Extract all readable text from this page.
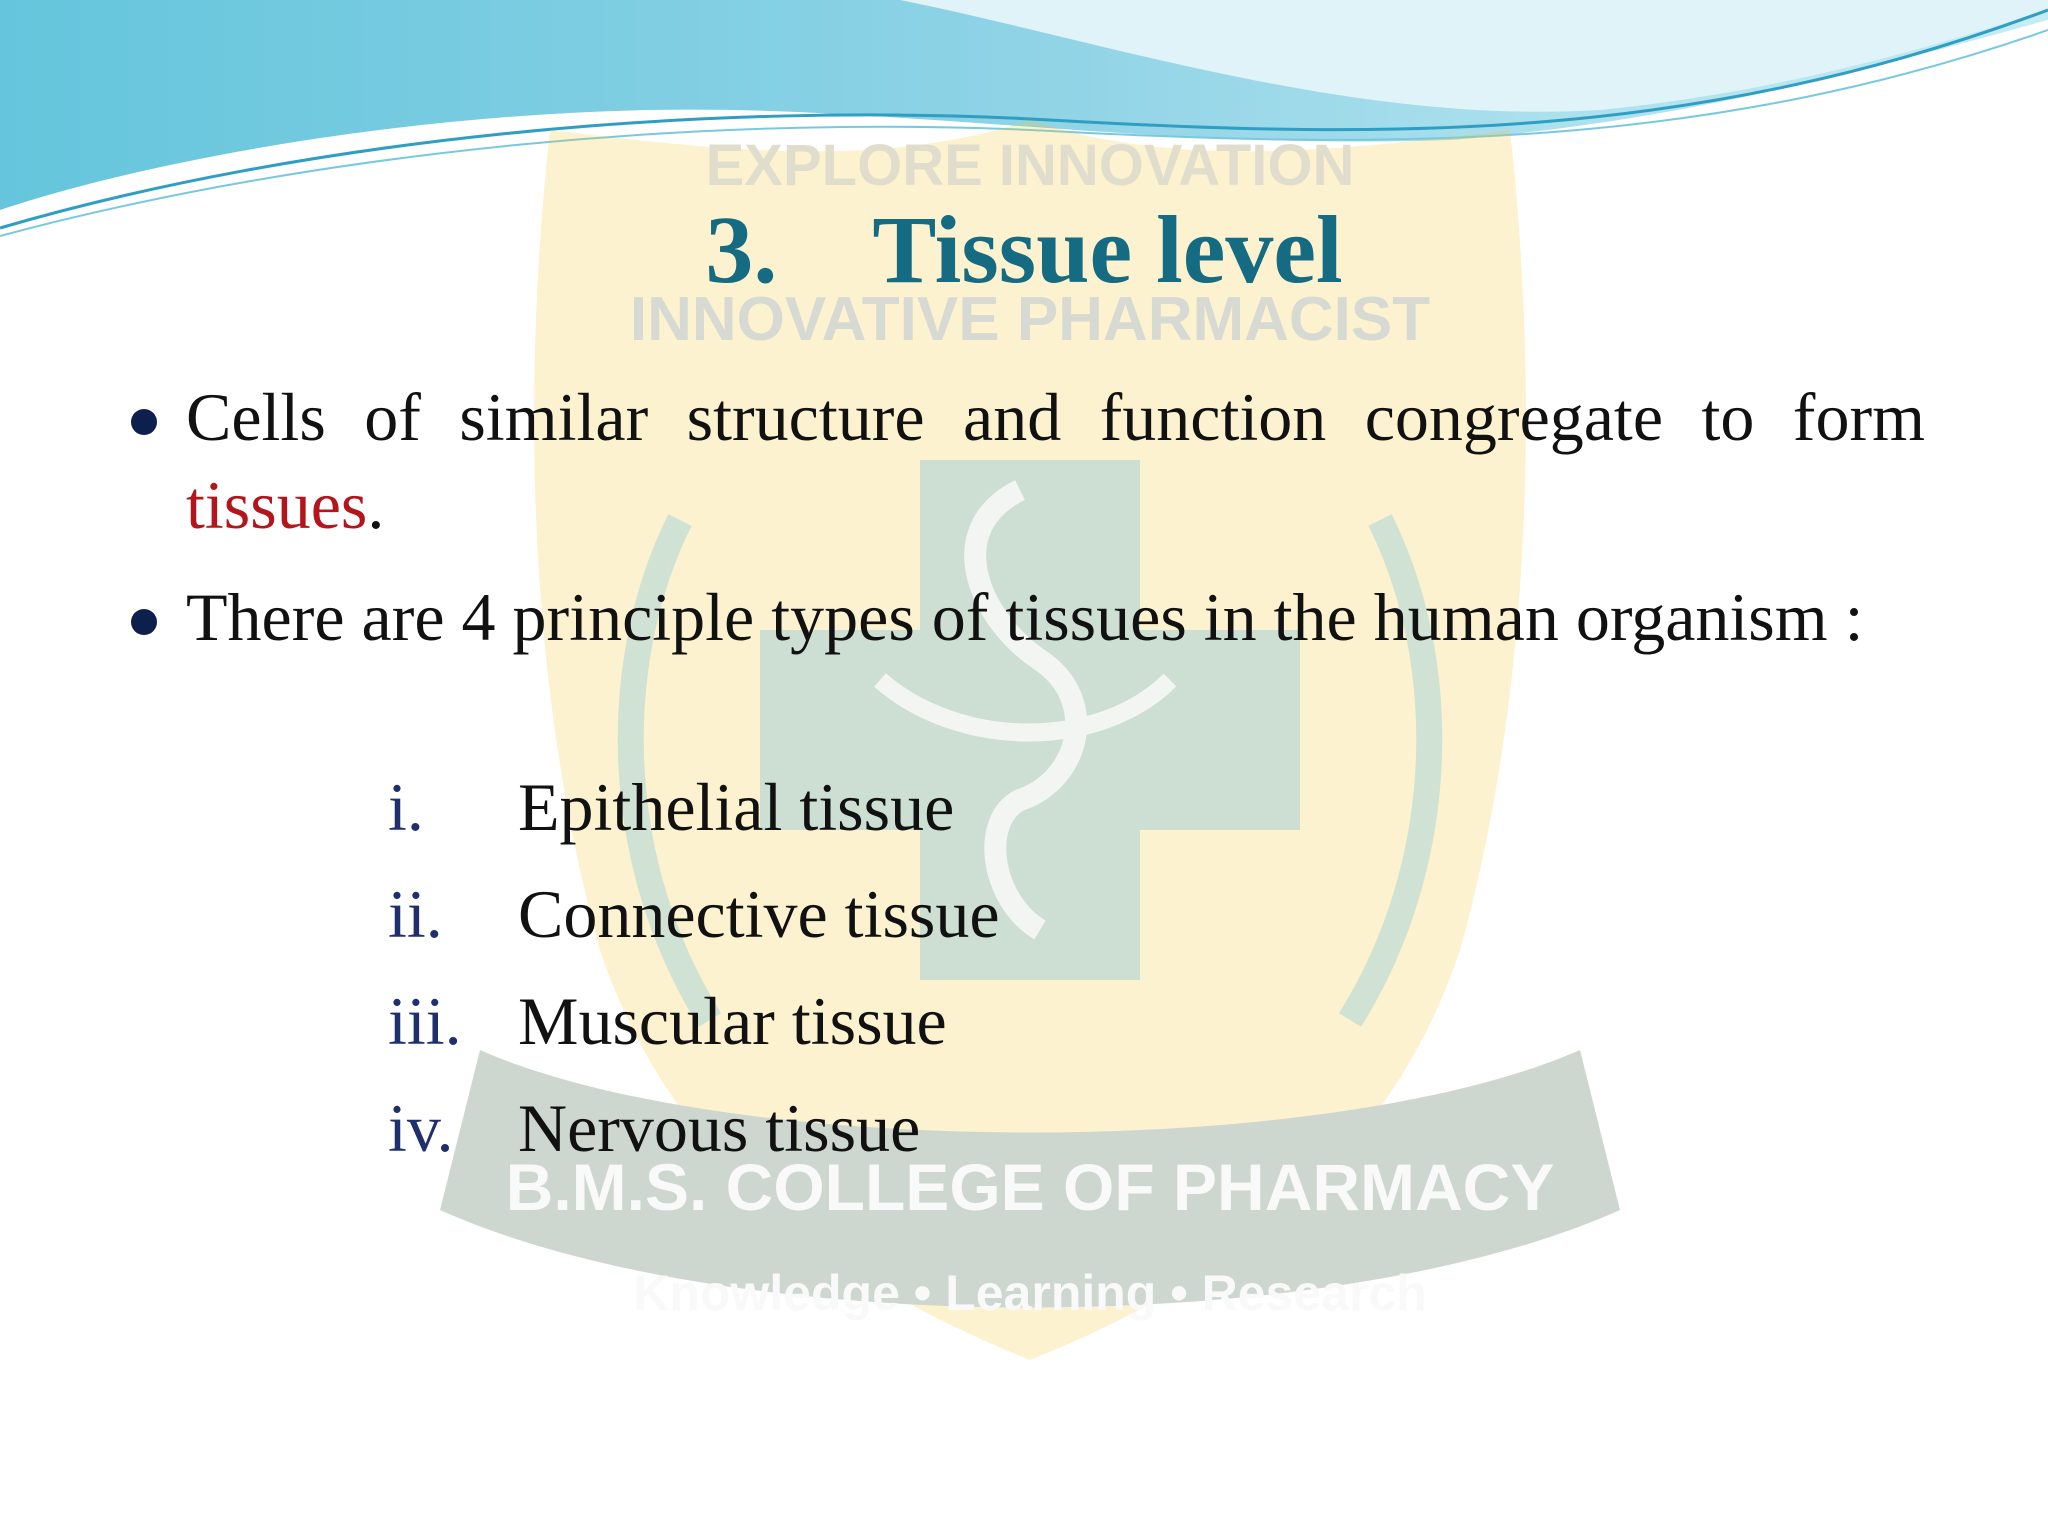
EXPLORE INNOVATION
INNOVATIVE PHARMACIST
B.M.S. COLLEGE OF PHARMACY
Knowledge • Learning • Research
3. Tissue level
Cells of similar structure and function congregate to form tissues.
There are 4 principle types of tissues in the human organism :
i. Epithelial tissue
ii. Connective tissue
iii. Muscular tissue
iv. Nervous tissue
